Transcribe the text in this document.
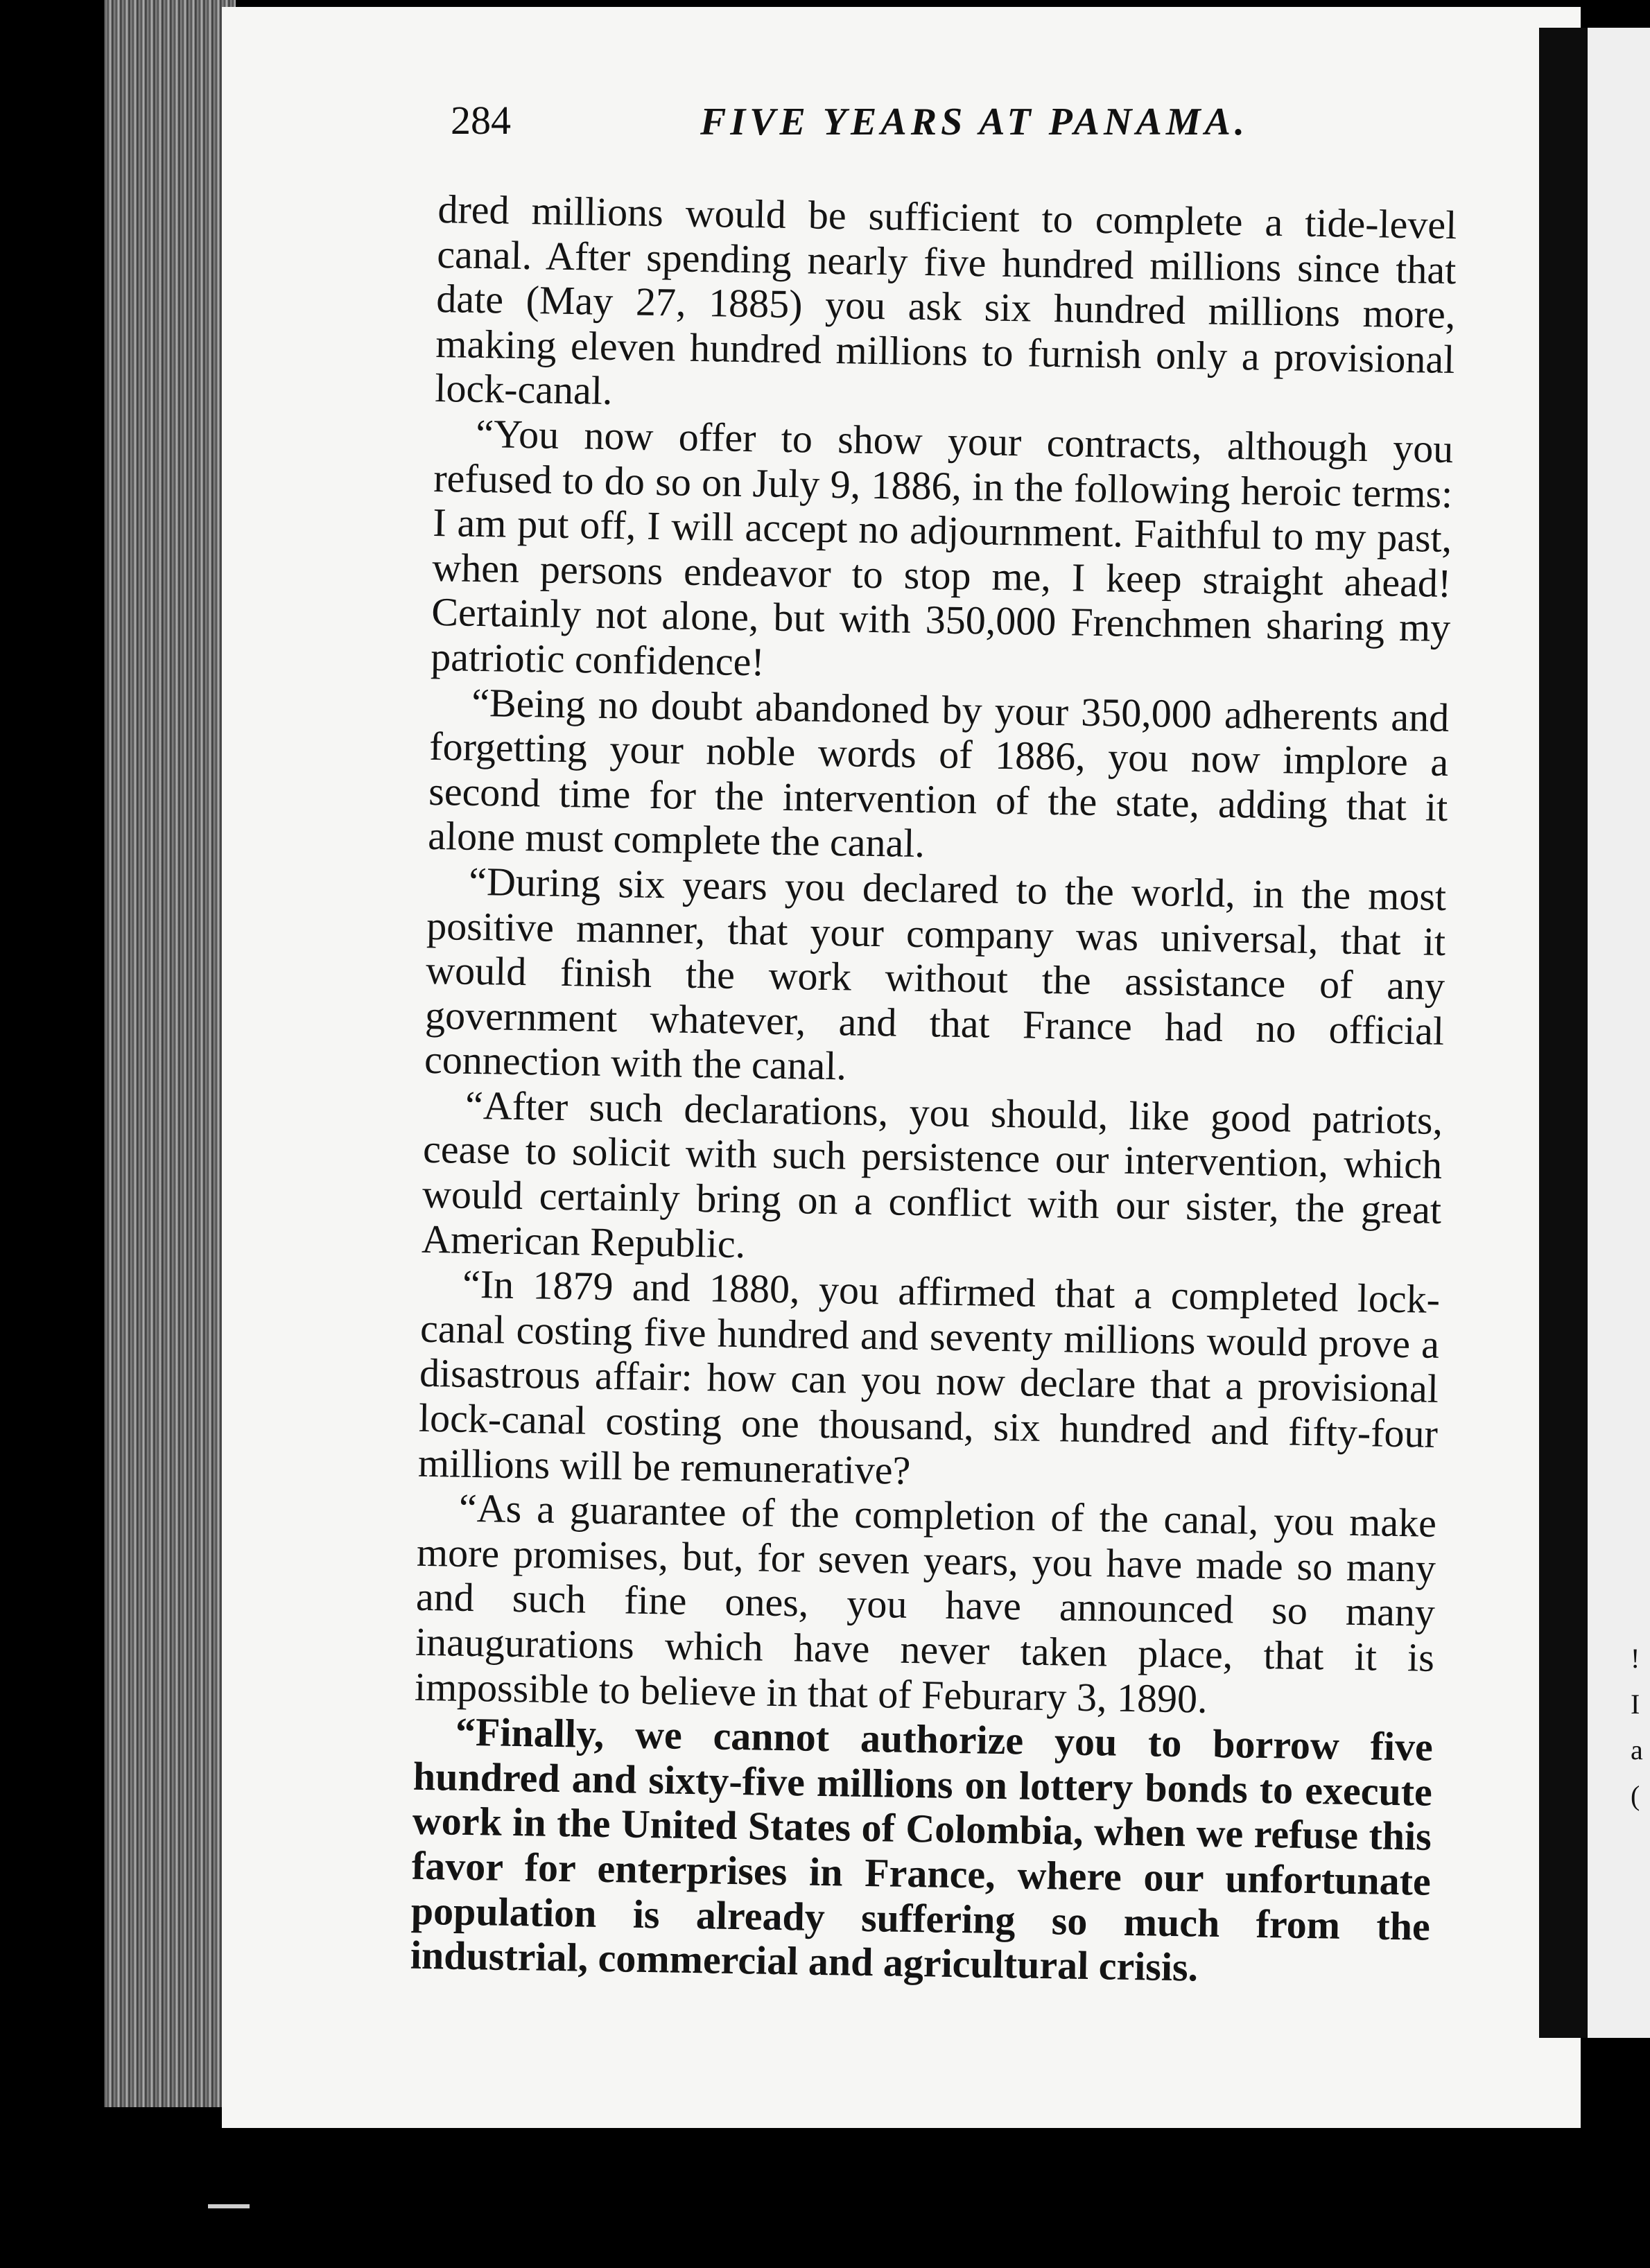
!
I
a
(
284	FIVE YEARS AT PANAMA.

dred millions would be sufficient to complete a tide-level canal. After spending nearly five hundred millions since that date (May 27, 1885) you ask six hundred millions more, making eleven hundred millions to furnish only a provisional lock-canal.

“You now offer to show your contracts, although you refused to do so on July 9, 1886, in the following heroic terms: I am put off, I will accept no adjournment. Faithful to my past, when persons endeavor to stop me, I keep straight ahead! Certainly not alone, but with 350,000 Frenchmen sharing my patriotic confidence!

“Being no doubt abandoned by your 350,000 adherents and forgetting your noble words of 1886, you now implore a second time for the intervention of the state, adding that it alone must complete the canal.

“During six years you declared to the world, in the most positive manner, that your company was universal, that it would finish the work without the assistance of any government whatever, and that France had no official connection with the canal.

“After such declarations, you should, like good patriots, cease to solicit with such persistence our intervention, which would certainly bring on a conflict with our sister, the great American Republic.

“In 1879 and 1880, you affirmed that a completed lock-canal costing five hundred and seventy millions would prove a disastrous affair: how can you now declare that a provisional lock-canal costing one thousand, six hundred and fifty-four millions will be remunerative?

“As a guarantee of the completion of the canal, you make more promises, but, for seven years, you have made so many and such fine ones, you have announced so many inaugurations which have never taken place, that it is impossible to believe in that of Feburary 3, 1890.

“Finally, we cannot authorize you to borrow five hundred and sixty-five millions on lottery bonds to execute work in the United States of Colombia, when we refuse this favor for enterprises in France, where our unfortunate population is already suffering so much from the industrial, commercial and agricultural crisis.
